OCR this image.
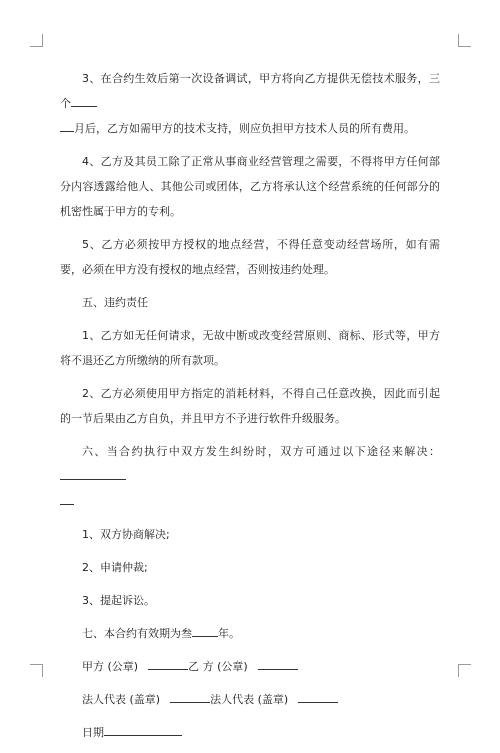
3、在合约生效后第一次设备调试，甲方将向乙方提供无偿技术服务，三个
月后，乙方如需甲方的技术支持，则应负担甲方技术人员的所有费用。

4、乙方及其员工除了正常从事商业经营管理之需要，不得将甲方任何部分内容透露给他人、其他公司或团体，乙方将承认这个经营系统的任何部分的机密性属于甲方的专利。

5、乙方必须按甲方授权的地点经营，不得任意变动经营场所，如有需要，必须在甲方没有授权的地点经营，否则按违约处理。

五、违约责任

1、乙方如无任何请求，无故中断或改变经营原则、商标、形式等，甲方将不退还乙方所缴纳的所有款项。

2、乙方必须使用甲方指定的消耗材料，不得自己任意改换，因此而引起的一节后果由乙方自负，并且甲方不予进行软件升级服务。

六、当合约执行中双方发生纠纷时，双方可通过以下途径来解决：

1、双方协商解决;

2、申请仲裁;

3、提起诉讼。

七、本合约有效期为叁 年。

甲方 (公章)	乙 方 (公章)

法人代表 (盖章)	法人代表 (盖章)

日期
